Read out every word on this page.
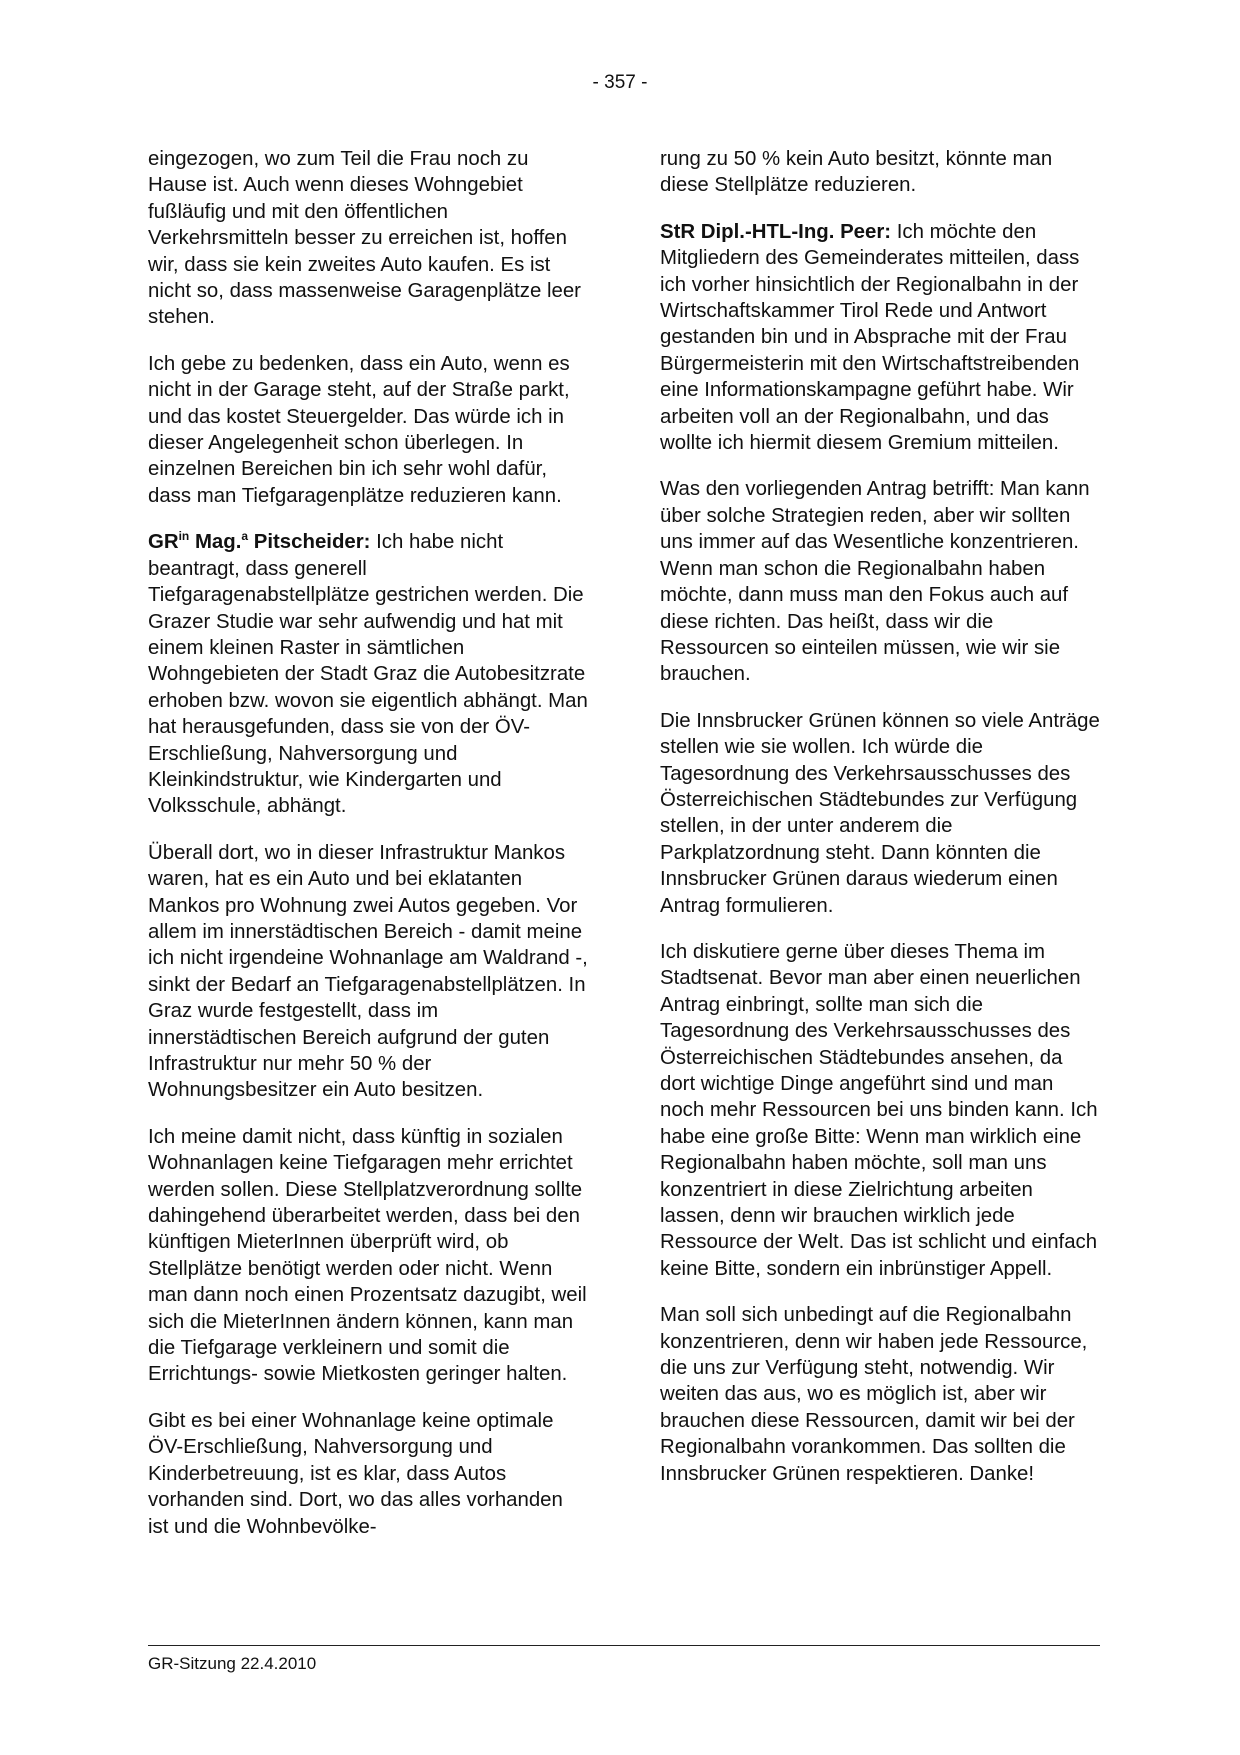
- 357 -

eingezogen, wo zum Teil die Frau noch zu Hause ist. Auch wenn dieses Wohngebiet fußläufig und mit den öffentlichen Verkehrsmitteln besser zu erreichen ist, hoffen wir, dass sie kein zweites Auto kaufen. Es ist nicht so, dass massenweise Garagenplätze leer stehen.

Ich gebe zu bedenken, dass ein Auto, wenn es nicht in der Garage steht, auf der Straße parkt, und das kostet Steuergelder. Das würde ich in dieser Angelegenheit schon überlegen. In einzelnen Bereichen bin ich sehr wohl dafür, dass man Tiefgaragenplätze reduzieren kann.

$GR^{in}$ Mag.$^a$ Pitscheider: Ich habe nicht beantragt, dass generell Tiefgaragenabstellplätze gestrichen werden. Die Grazer Studie war sehr aufwendig und hat mit einem kleinen Raster in sämtlichen Wohngebieten der Stadt Graz die Autobesitzrate erhoben bzw. wovon sie eigentlich abhängt. Man hat herausgefunden, dass sie von der ÖV-Erschließung, Nahversorgung und Kleinkindstruktur, wie Kindergarten und Volksschule, abhängt.

Überall dort, wo in dieser Infrastruktur Mankos waren, hat es ein Auto und bei eklatanten Mankos pro Wohnung zwei Autos gegeben. Vor allem im innerstädtischen Bereich - damit meine ich nicht irgendeine Wohnanlage am Waldrand -, sinkt der Bedarf an Tiefgaragenabstellplätzen. In Graz wurde festgestellt, dass im innerstädtischen Bereich aufgrund der guten Infrastruktur nur mehr 50 % der Wohnungsbesitzer ein Auto besitzen.

Ich meine damit nicht, dass künftig in sozialen Wohnanlagen keine Tiefgaragen mehr errichtet werden sollen. Diese Stellplatzverordnung sollte dahingehend überarbeitet werden, dass bei den künftigen MieterInnen überprüft wird, ob Stellplätze benötigt werden oder nicht. Wenn man dann noch einen Prozentsatz dazugibt, weil sich die MieterInnen ändern können, kann man die Tiefgarage verkleinern und somit die Errichtungs- sowie Mietkosten geringer halten.

Gibt es bei einer Wohnanlage keine optimale ÖV-Erschließung, Nahversorgung und Kinderbetreuung, ist es klar, dass Autos vorhanden sind. Dort, wo das alles vorhanden ist und die Wohnbevölke-

rung zu 50 % kein Auto besitzt, könnte man diese Stellplätze reduzieren.

StR Dipl.-HTL-Ing. Peer: Ich möchte den Mitgliedern des Gemeinderates mitteilen, dass ich vorher hinsichtlich der Regionalbahn in der Wirtschaftskammer Tirol Rede und Antwort gestanden bin und in Absprache mit der Frau Bürgermeisterin mit den Wirtschaftstreibenden eine Informationskampagne geführt habe. Wir arbeiten voll an der Regionalbahn, und das wollte ich hiermit diesem Gremium mitteilen.

Was den vorliegenden Antrag betrifft: Man kann über solche Strategien reden, aber wir sollten uns immer auf das Wesentliche konzentrieren. Wenn man schon die Regionalbahn haben möchte, dann muss man den Fokus auch auf diese richten. Das heißt, dass wir die Ressourcen so einteilen müssen, wie wir sie brauchen.

Die Innsbrucker Grünen können so viele Anträge stellen wie sie wollen. Ich würde die Tagesordnung des Verkehrsausschusses des Österreichischen Städtebundes zur Verfügung stellen, in der unter anderem die Parkplatzordnung steht. Dann könnten die Innsbrucker Grünen daraus wiederum einen Antrag formulieren.

Ich diskutiere gerne über dieses Thema im Stadtsenat. Bevor man aber einen neuerlichen Antrag einbringt, sollte man sich die Tagesordnung des Verkehrsausschusses des Österreichischen Städtebundes ansehen, da dort wichtige Dinge angeführt sind und man noch mehr Ressourcen bei uns binden kann. Ich habe eine große Bitte: Wenn man wirklich eine Regionalbahn haben möchte, soll man uns konzentriert in diese Zielrichtung arbeiten lassen, denn wir brauchen wirklich jede Ressource der Welt. Das ist schlicht und einfach keine Bitte, sondern ein inbrünstiger Appell.

Man soll sich unbedingt auf die Regionalbahn konzentrieren, denn wir haben jede Ressource, die uns zur Verfügung steht, notwendig. Wir weiten das aus, wo es möglich ist, aber wir brauchen diese Ressourcen, damit wir bei der Regionalbahn vorankommen. Das sollten die Innsbrucker Grünen respektieren. Danke!

GR-Sitzung 22.4.2010
